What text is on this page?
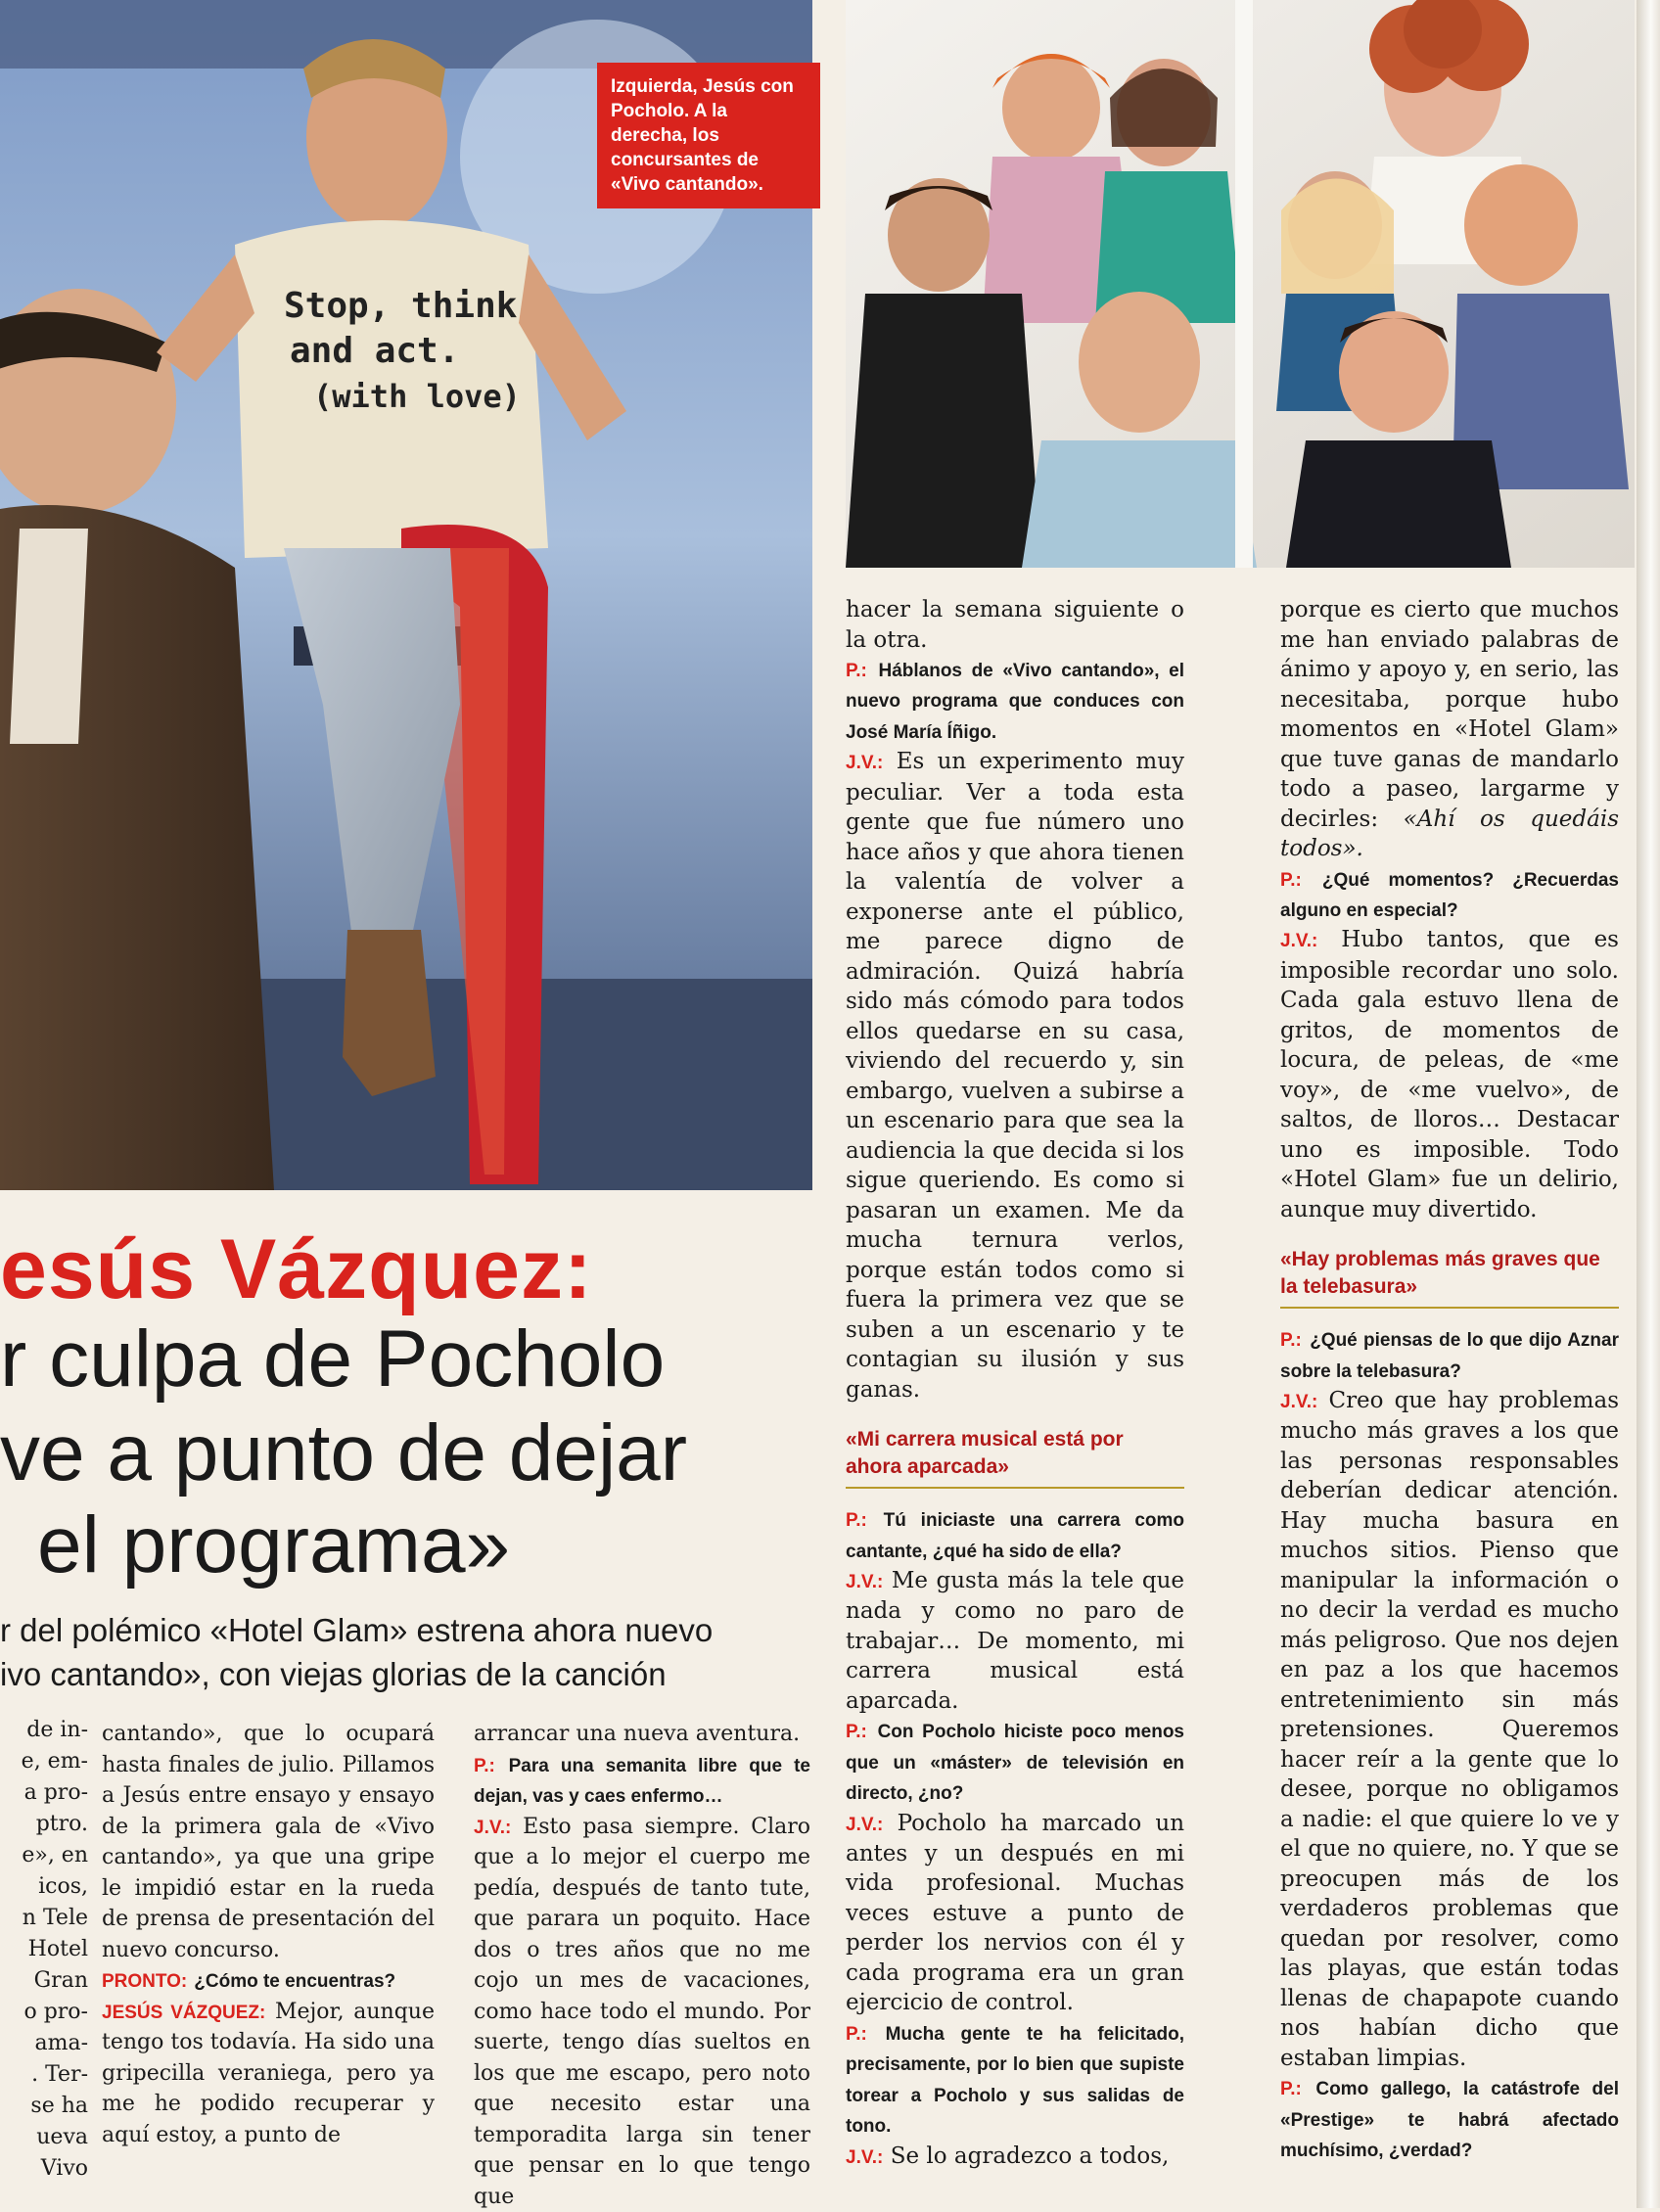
Stop, think
and act.
(with love)
Izquierda, Jesús con Pocholo. A la derecha, los concursantes de «Vivo cantando».
esús Vázquez:
r culpa de Pocholo
ve a punto de dejar
el programa»
r del polémico «Hotel Glam» estrena ahora nuevo
ivo cantando», con viejas glorias de la canción
de in-
e, em-
a pro-
ptro.
e», en
icos,
n Tele
Hotel
Gran
o pro-
ama-
. Ter-
se ha
ueva
Vivo

cantando», que lo ocupará hasta finales de julio. Pillamos a Jesús entre ensayo y ensayo de la primera gala de «Vivo cantando», ya que una gripe le impidió estar en la rueda de prensa de presentación del nuevo concurso.

PRONTO: ¿Cómo te encuentras?

JESÚS VÁZQUEZ: Mejor, aunque tengo tos todavía. Ha sido una gripecilla veraniega, pero ya me he podido recuperar y aquí estoy, a punto de

arrancar una nueva aventura.

P.: Para una semanita libre que te dejan, vas y caes enfermo…

J.V.: Esto pasa siempre. Claro que a lo mejor el cuerpo me pedía, después de tanto tute, que parara un poquito. Hace dos o tres años que no me cojo un mes de vacaciones, como hace todo el mundo. Por suerte, tengo días sueltos en los que me escapo, pero noto que necesito estar una temporadita larga sin tener que pensar en lo que tengo que

hacer la semana siguiente o la otra.

P.: Háblanos de «Vivo cantando», el nuevo programa que conduces con José María Íñigo.

J.V.: Es un experimento muy peculiar. Ver a toda esta gente que fue número uno hace años y que ahora tienen la valentía de volver a exponerse ante el público, me parece digno de admiración. Quizá habría sido más cómodo para todos ellos quedarse en su casa, viviendo del recuerdo y, sin embargo, vuelven a subirse a un escenario para que sea la audiencia la que decida si los sigue queriendo. Es como si pasaran un examen. Me da mucha ternura verlos, porque están todos como si fuera la primera vez que se suben a un escenario y te contagian su ilusión y sus ganas.

«Mi carrera musical está por ahora aparcada»

P.: Tú iniciaste una carrera como cantante, ¿qué ha sido de ella?

J.V.: Me gusta más la tele que nada y como no paro de trabajar… De momento, mi carrera musical está aparcada.

P.: Con Pocholo hiciste poco menos que un «máster» de televisión en directo, ¿no?

J.V.: Pocholo ha marcado un antes y un después en mi vida profesional. Muchas veces estuve a punto de perder los nervios con él y cada programa era un gran ejercicio de control.

P.: Mucha gente te ha felicitado, precisamente, por lo bien que supiste torear a Pocholo y sus salidas de tono.

J.V.: Se lo agradezco a todos,

porque es cierto que muchos me han enviado palabras de ánimo y apoyo y, en serio, las necesitaba, porque hubo momentos en «Hotel Glam» que tuve ganas de mandarlo todo a paseo, largarme y decirles: «Ahí os quedáis todos».

P.: ¿Qué momentos? ¿Recuerdas alguno en especial?

J.V.: Hubo tantos, que es imposible recordar uno solo. Cada gala estuvo llena de gritos, de momentos de locura, de peleas, de «me voy», de «me vuelvo», de saltos, de lloros… Destacar uno es imposible. Todo «Hotel Glam» fue un delirio, aunque muy divertido.

«Hay problemas más graves que la telebasura»

P.: ¿Qué piensas de lo que dijo Aznar sobre la telebasura?

J.V.: Creo que hay problemas mucho más graves a los que las personas responsables deberían dedicar atención. Hay mucha basura en muchos sitios. Pienso que manipular la información o no decir la verdad es mucho más peligroso. Que nos dejen en paz a los que hacemos entretenimiento sin más pretensiones. Queremos hacer reír a la gente que lo desee, porque no obligamos a nadie: el que quiere lo ve y el que no quiere, no. Y que se preocupen más de los verdaderos problemas que quedan por resolver, como las playas, que están todas llenas de chapapote cuando nos habían dicho que estaban limpias.

P.: Como gallego, la catástrofe del «Prestige» te habrá afectado muchísimo, ¿verdad?
